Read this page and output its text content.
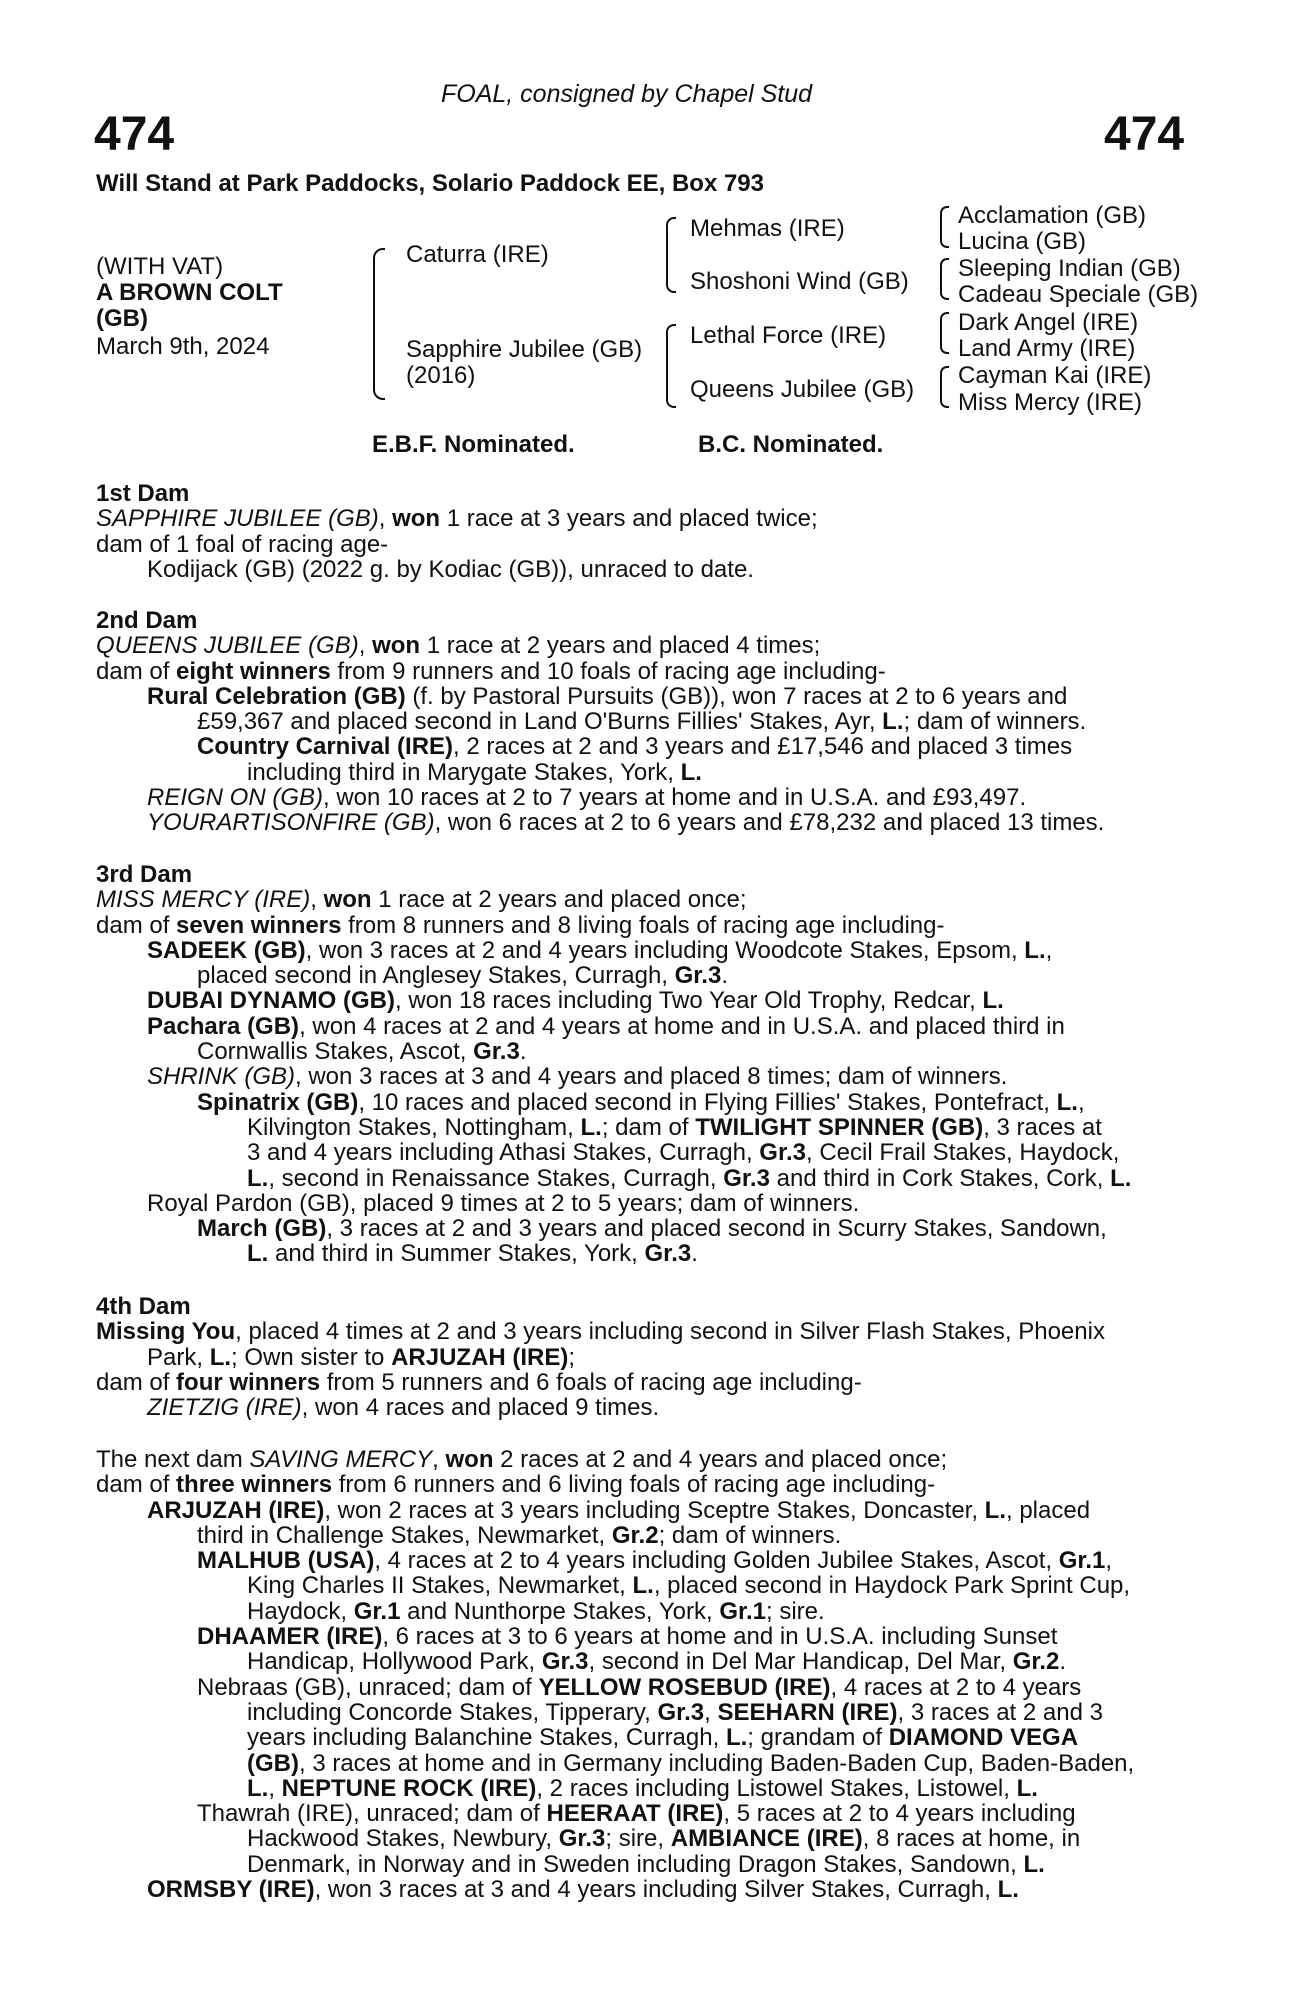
FOAL, consigned by Chapel Stud
474	474
Will Stand at Park Paddocks, Solario Paddock EE, Box 793
(WITH VAT)
A BROWN COLT
(GB)
March 9th, 2024
Caturra (IRE)
Sapphire Jubilee (GB)
(2016)
Mehmas (IRE)
Shoshoni Wind (GB)
Lethal Force (IRE)
Queens Jubilee (GB)
Acclamation (GB)
Lucina (GB)
Sleeping Indian (GB)
Cadeau Speciale (GB)
Dark Angel (IRE)
Land Army (IRE)
Cayman Kai (IRE)
Miss Mercy (IRE)
E.B.F. Nominated.	B.C. Nominated.
1st Dam
SAPPHIRE JUBILEE (GB), won 1 race at 3 years and placed twice;
dam of 1 foal of racing age-
Kodijack (GB) (2022 g. by Kodiac (GB)), unraced to date.
2nd Dam
QUEENS JUBILEE (GB), won 1 race at 2 years and placed 4 times;
dam of eight winners from 9 runners and 10 foals of racing age including-
Rural Celebration (GB) (f. by Pastoral Pursuits (GB)), won 7 races at 2 to 6 years and
£59,367 and placed second in Land O'Burns Fillies' Stakes, Ayr, L.; dam of winners.
Country Carnival (IRE), 2 races at 2 and 3 years and £17,546 and placed 3 times
including third in Marygate Stakes, York, L.
REIGN ON (GB), won 10 races at 2 to 7 years at home and in U.S.A. and £93,497.
YOURARTISONFIRE (GB), won 6 races at 2 to 6 years and £78,232 and placed 13 times.
3rd Dam
MISS MERCY (IRE), won 1 race at 2 years and placed once;
dam of seven winners from 8 runners and 8 living foals of racing age including-
SADEEK (GB), won 3 races at 2 and 4 years including Woodcote Stakes, Epsom, L.,
placed second in Anglesey Stakes, Curragh, Gr.3.
DUBAI DYNAMO (GB), won 18 races including Two Year Old Trophy, Redcar, L.
Pachara (GB), won 4 races at 2 and 4 years at home and in U.S.A. and placed third in
Cornwallis Stakes, Ascot, Gr.3.
SHRINK (GB), won 3 races at 3 and 4 years and placed 8 times; dam of winners.
Spinatrix (GB), 10 races and placed second in Flying Fillies' Stakes, Pontefract, L.,
Kilvington Stakes, Nottingham, L.; dam of TWILIGHT SPINNER (GB), 3 races at
3 and 4 years including Athasi Stakes, Curragh, Gr.3, Cecil Frail Stakes, Haydock,
L., second in Renaissance Stakes, Curragh, Gr.3 and third in Cork Stakes, Cork, L.
Royal Pardon (GB), placed 9 times at 2 to 5 years; dam of winners.
March (GB), 3 races at 2 and 3 years and placed second in Scurry Stakes, Sandown,
L. and third in Summer Stakes, York, Gr.3.
4th Dam
Missing You, placed 4 times at 2 and 3 years including second in Silver Flash Stakes, Phoenix
Park, L.; Own sister to ARJUZAH (IRE);
dam of four winners from 5 runners and 6 foals of racing age including-
ZIETZIG (IRE), won 4 races and placed 9 times.
The next dam SAVING MERCY, won 2 races at 2 and 4 years and placed once;
dam of three winners from 6 runners and 6 living foals of racing age including-
ARJUZAH (IRE), won 2 races at 3 years including Sceptre Stakes, Doncaster, L., placed
third in Challenge Stakes, Newmarket, Gr.2; dam of winners.
MALHUB (USA), 4 races at 2 to 4 years including Golden Jubilee Stakes, Ascot, Gr.1,
King Charles II Stakes, Newmarket, L., placed second in Haydock Park Sprint Cup,
Haydock, Gr.1 and Nunthorpe Stakes, York, Gr.1; sire.
DHAAMER (IRE), 6 races at 3 to 6 years at home and in U.S.A. including Sunset
Handicap, Hollywood Park, Gr.3, second in Del Mar Handicap, Del Mar, Gr.2.
Nebraas (GB), unraced; dam of YELLOW ROSEBUD (IRE), 4 races at 2 to 4 years
including Concorde Stakes, Tipperary, Gr.3, SEEHARN (IRE), 3 races at 2 and 3
years including Balanchine Stakes, Curragh, L.; grandam of DIAMOND VEGA
(GB), 3 races at home and in Germany including Baden-Baden Cup, Baden-Baden,
L., NEPTUNE ROCK (IRE), 2 races including Listowel Stakes, Listowel, L.
Thawrah (IRE), unraced; dam of HEERAAT (IRE), 5 races at 2 to 4 years including
Hackwood Stakes, Newbury, Gr.3; sire, AMBIANCE (IRE), 8 races at home, in
Denmark, in Norway and in Sweden including Dragon Stakes, Sandown, L.
ORMSBY (IRE), won 3 races at 3 and 4 years including Silver Stakes, Curragh, L.
